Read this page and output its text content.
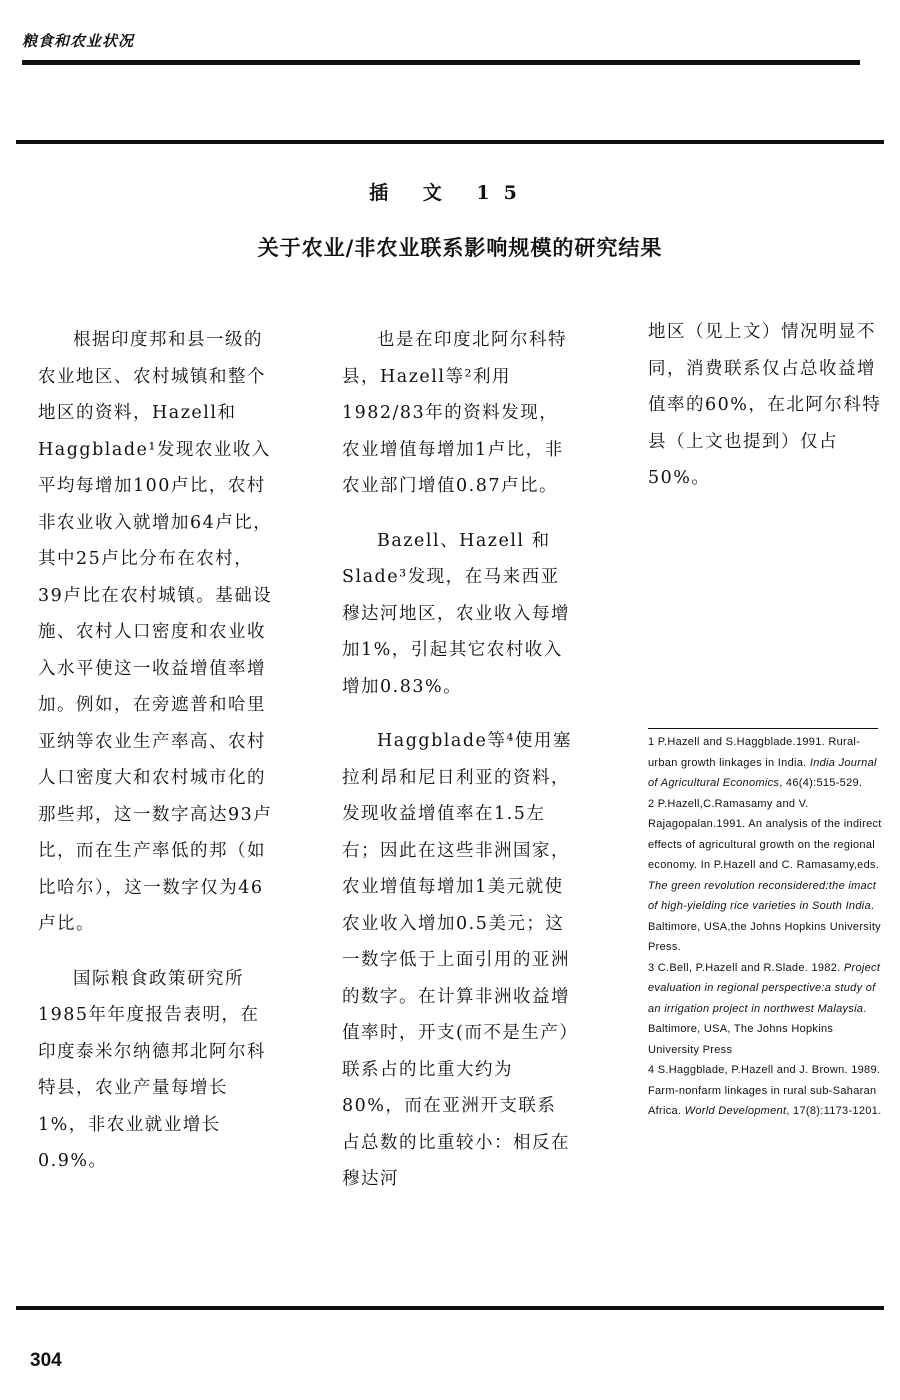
粮食和农业状况
插 文 15
关于农业/非农业联系影响规模的研究结果

根据印度邦和县一级的农业地区、农村城镇和整个地区的资料，Hazell和Haggblade¹发现农业收入平均每增加100卢比，农村非农业收入就增加64卢比，其中25卢比分布在农村，39卢比在农村城镇。基础设施、农村人口密度和农业收入水平使这一收益增值率增加。例如，在旁遮普和哈里亚纳等农业生产率高、农村人口密度大和农村城市化的那些邦，这一数字高达93卢比，而在生产率低的邦（如比哈尔），这一数字仅为46卢比。

国际粮食政策研究所1985年年度报告表明，在印度泰米尔纳德邦北阿尔科特县，农业产量每增长1%，非农业就业增长0.9%。

也是在印度北阿尔科特县，Hazell等²利用1982/83年的资料发现，农业增值每增加1卢比，非农业部门增值0.87卢比。

Bazell、Hazell 和 Slade³发现，在马来西亚穆达河地区，农业收入每增加1%，引起其它农村收入增加0.83%。

Haggblade等⁴使用塞拉利昂和尼日利亚的资料，发现收益增值率在1.5左右；因此在这些非洲国家，农业增值每增加1美元就使农业收入增加0.5美元；这一数字低于上面引用的亚洲的数字。在计算非洲收益增值率时，开支(而不是生产）联系占的比重大约为80%，而在亚洲开支联系占总数的比重较小：相反在穆达河

地区（见上文）情况明显不同，消费联系仅占总收益增值率的60%，在北阿尔科特县（上文也提到）仅占50%。

1 P.Hazell and S.Haggblade.1991. Rural-urban growth linkages in India. India Journal of Agricultural Economics, 46(4):515-529.

2 P.Hazell,C.Ramasamy and V. Rajagopalan.1991. An analysis of the indirect effects of agricultural growth on the regional economy. In P.Hazell and C. Ramasamy,eds. The green revolution reconsidered:the imact of high-yielding rice varieties in South India. Baltimore, USA,the Johns Hopkins University Press.

3 C.Bell, P.Hazell and R.Slade. 1982. Project evaluation in regional perspective:a study of an irrigation project in northwest Malaysia. Baltimore, USA, The Johns Hopkins University Press

4 S.Haggblade, P.Hazell and J. Brown. 1989. Farm-nonfarm linkages in rural sub-Saharan Africa. World Development, 17(8):1173-1201.

304
